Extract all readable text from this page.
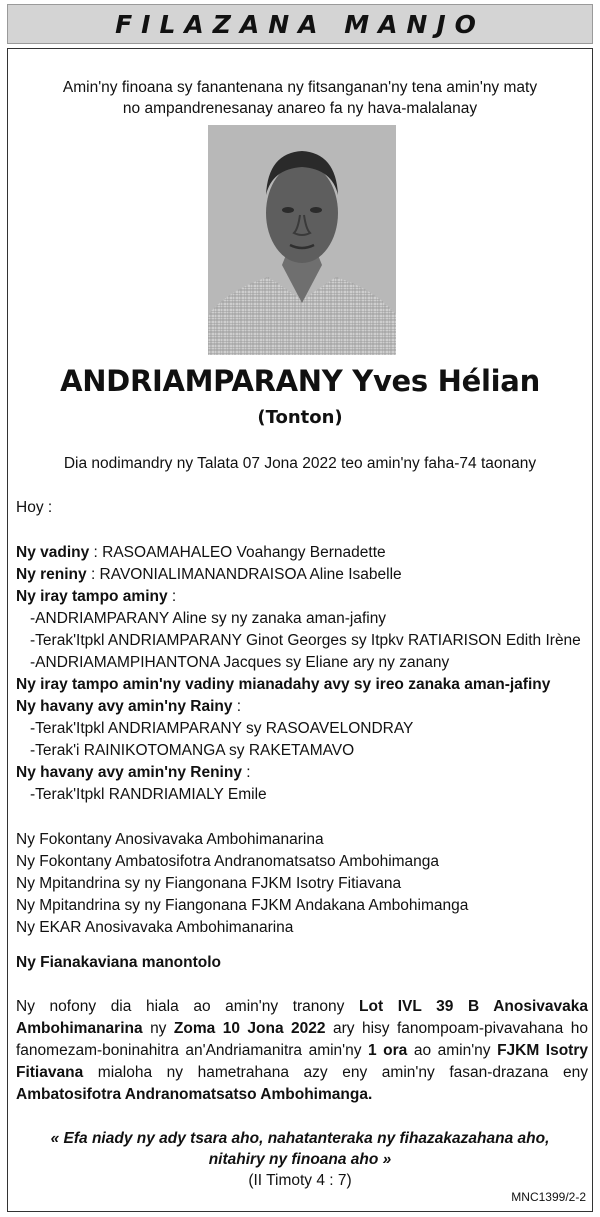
FILAZANA MANJO
Amin'ny finoana sy fanantenana ny fitsanganan'ny tena amin'ny maty
no ampandrenesanay anareo fa ny hava-malalanay
ANDRIAMPARANY Yves Hélian
(Tonton)
Dia nodimandry ny Talata 07 Jona 2022 teo amin'ny faha-74 taonany
Hoy :
Ny vadiny : RASOAMAHALEO Voahangy Bernadette
Ny reniny : RAVONIALIMANANDRAISOA Aline Isabelle
Ny iray tampo aminy :
-ANDRIAMPARANY Aline sy ny zanaka aman-jafiny
-Terak'Itpkl ANDRIAMPARANY Ginot Georges sy Itpkv RATIARISON Edith Irène
-ANDRIAMAMPIHANTONA Jacques sy Eliane ary ny zanany
Ny iray tampo amin'ny vadiny mianadahy avy sy ireo zanaka aman-jafiny
Ny havany avy amin'ny Rainy :
-Terak'Itpkl ANDRIAMPARANY sy RASOAVELONDRAY
-Terak'i RAINIKOTOMANGA sy RAKETAMAVO
Ny havany avy amin'ny Reniny :
-Terak'Itpkl RANDRIAMIALY Emile
Ny Fokontany Anosivavaka Ambohimanarina
Ny Fokontany Ambatosifotra Andranomatsatso Ambohimanga
Ny Mpitandrina sy ny Fiangonana FJKM Isotry Fitiavana
Ny Mpitandrina sy ny Fiangonana FJKM Andakana Ambohimanga
Ny EKAR Anosivavaka Ambohimanarina
Ny Fianakaviana manontolo
Ny nofony dia hiala ao amin'ny tranony Lot IVL 39 B Anosivavaka Ambohimanarina ny Zoma 10 Jona 2022 ary hisy fanompoam-pivavahana ho fanomezam-boninahitra an'Andriamanitra amin'ny 1 ora ao amin'ny FJKM Isotry Fitiavana mialoha ny hametrahana azy eny amin'ny fasan-drazana eny Ambatosifotra Andranomatsatso Ambohimanga.
« Efa niady ny ady tsara aho, nahatanteraka ny fihazakazahana aho,
nitahiry ny finoana aho »
(II Timoty 4 : 7)
MNC1399/2-2
